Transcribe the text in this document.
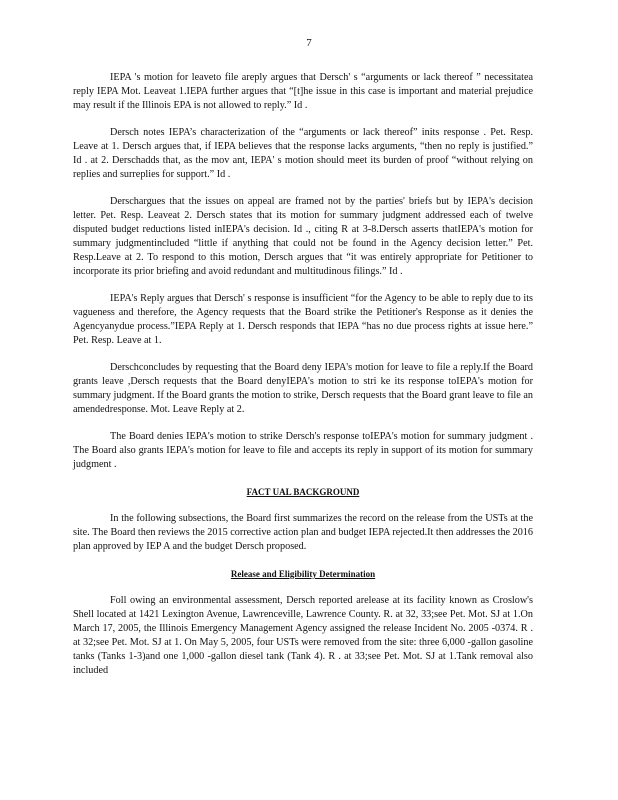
7

IEPA 's motion for leaveto file areply argues that Dersch' s “arguments or lack thereof ” necessitatea reply IEPA Mot. Leaveat 1.IEPA further argues that “[t]he issue in this case is important and material prejudice may result if the Illinois EPA is not allowed to reply.” Id .

Dersch notes IEPA’s characterization of the “arguments or lack thereof” inits response . Pet. Resp. Leave at 1. Dersch argues that, if IEPA believes that the response lacks arguments, “then no reply is justified.” Id . at 2. Derschadds that, as the mov ant, IEPA' s motion should meet its burden of proof “without relying on replies and surreplies for support.” Id .

Derschargues that the issues on appeal are framed not by the parties' briefs but by IEPA's decision letter. Pet. Resp. Leaveat 2. Dersch states that its motion for summary judgment addressed each of twelve disputed budget reductions listed inIEPA's decision. Id ., citing R at 3-8.Dersch asserts thatIEPA's motion for summary judgmentincluded “little if anything that could not be found in the Agency decision letter.” Pet. Resp.Leave at 2. To respond to this motion, Dersch argues that “it was entirely appropriate for Petitioner to incorporate its prior briefing and avoid redundant and multitudinous filings.” Id .

IEPA's Reply argues that Dersch' s response is insufficient “for the Agency to be able to reply due to its vagueness and therefore, the Agency requests that the Board strike the Petitioner's Response as it denies the Agencyanydue process.”IEPA Reply at 1. Dersch responds that IEPA “has no due process rights at issue here.” Pet. Resp. Leave at 1.

Derschconcludes by requesting that the Board deny IEPA's motion for leave to file a reply.If the Board grants leave ,Dersch requests that the Board denyIEPA's motion to stri ke its response toIEPA's motion for summary judgment. If the Board grants the motion to strike, Dersch requests that the Board grant leave to file an amendedresponse. Mot. Leave Reply at 2.

The Board denies IEPA's motion to strike Dersch's response toIEPA's motion for summary judgment . The Board also grants IEPA's motion for leave to file and accepts its reply in support of its motion for summary judgment .

FACT UAL BACKGROUND

In the following subsections, the Board first summarizes the record on the release from the USTs at the site. The Board then reviews the 2015 corrective action plan and budget IEPA rejected.It then addresses the 2016 plan approved by IEP A and the budget Dersch proposed.

Release and Eligibility Determination

Foll owing an environmental assessment, Dersch reported arelease at its facility known as Croslow's Shell located at 1421 Lexington Avenue, Lawrenceville, Lawrence County. R. at 32, 33;see Pet. Mot. SJ at 1.On March 17, 2005, the Illinois Emergency Management Agency assigned the release Incident No. 2005 -0374. R . at 32;see Pet. Mot. SJ at 1. On May 5, 2005, four USTs were removed from the site: three 6,000 -gallon gasoline tanks (Tanks 1-3)and one 1,000 -gallon diesel tank (Tank 4). R . at 33;see Pet. Mot. SJ at 1.Tank removal also included
